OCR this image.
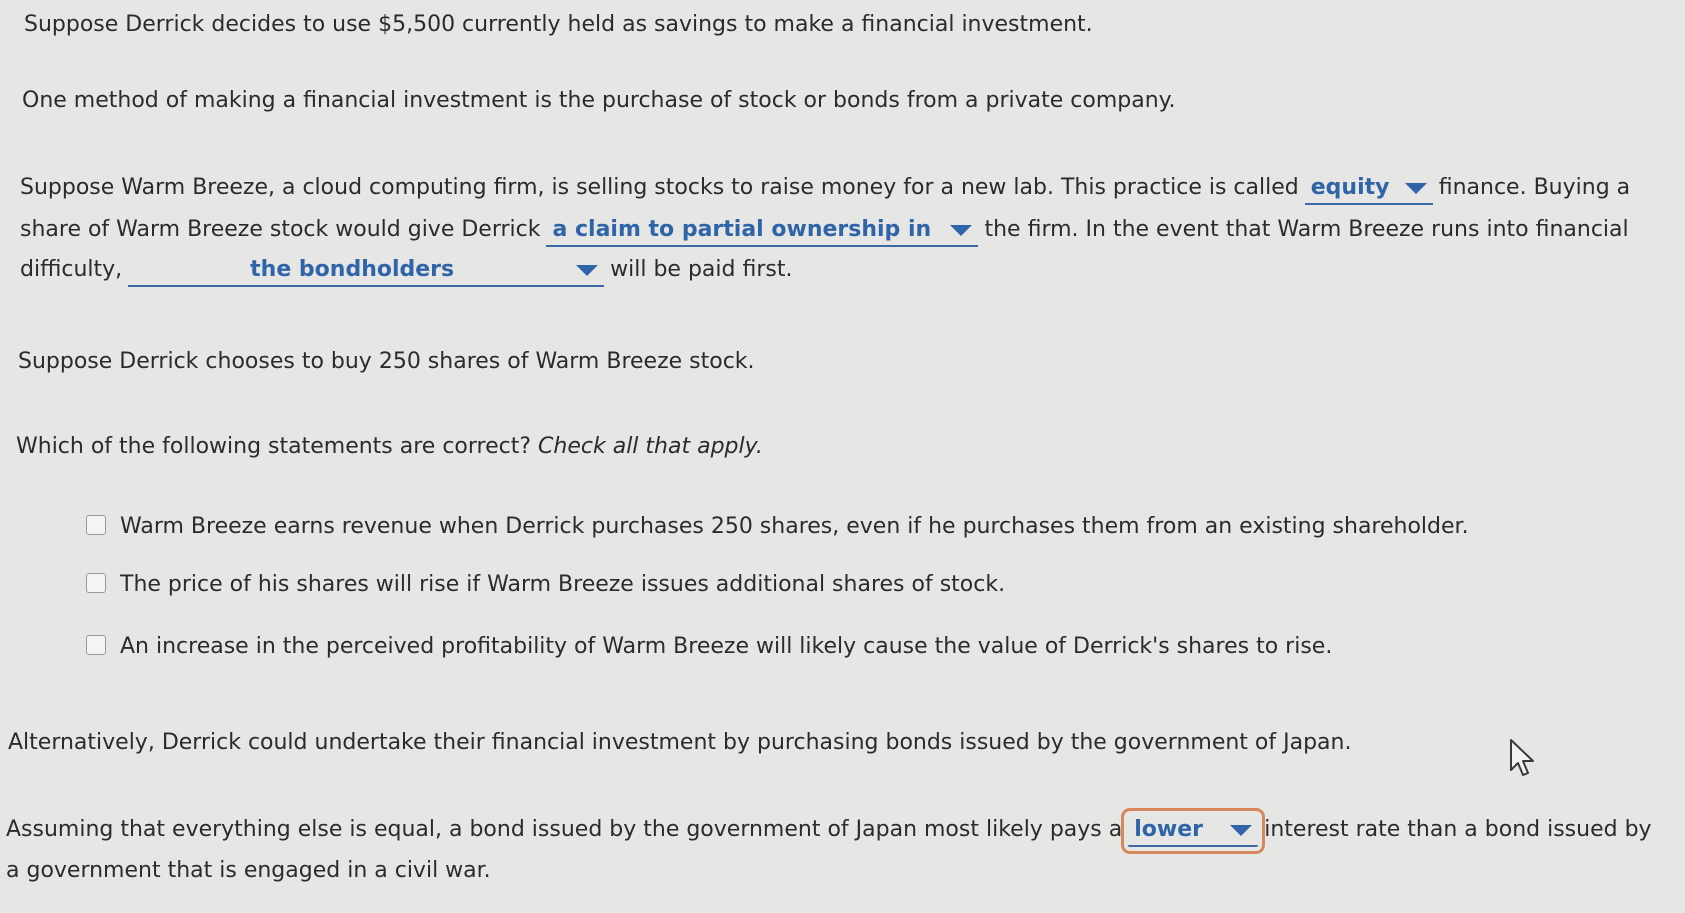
Suppose Derrick decides to use $5,500 currently held as savings to make a financial investment.
One method of making a financial investment is the purchase of stock or bonds from a private company.
Suppose Warm Breeze, a cloud computing firm, is selling stocks to raise money for a new lab. This practice is called equity finance. Buying a
share of Warm Breeze stock would give Derrick a claim to partial ownership in the firm. In the event that Warm Breeze runs into financial
difficulty,	the bondholders	will be paid first.
Suppose Derrick chooses to buy 250 shares of Warm Breeze stock.
Which of the following statements are correct? Check all that apply.
Warm Breeze earns revenue when Derrick purchases 250 shares, even if he purchases them from an existing shareholder.
The price of his shares will rise if Warm Breeze issues additional shares of stock.
An increase in the perceived profitability of Warm Breeze will likely cause the value of Derrick's shares to rise.
Alternatively, Derrick could undertake their financial investment by purchasing bonds issued by the government of Japan.
Assuming that everything else is equal, a bond issued by the government of Japan most likely pays a lower	interest rate than a bond issued by
a government that is engaged in a civil war.
